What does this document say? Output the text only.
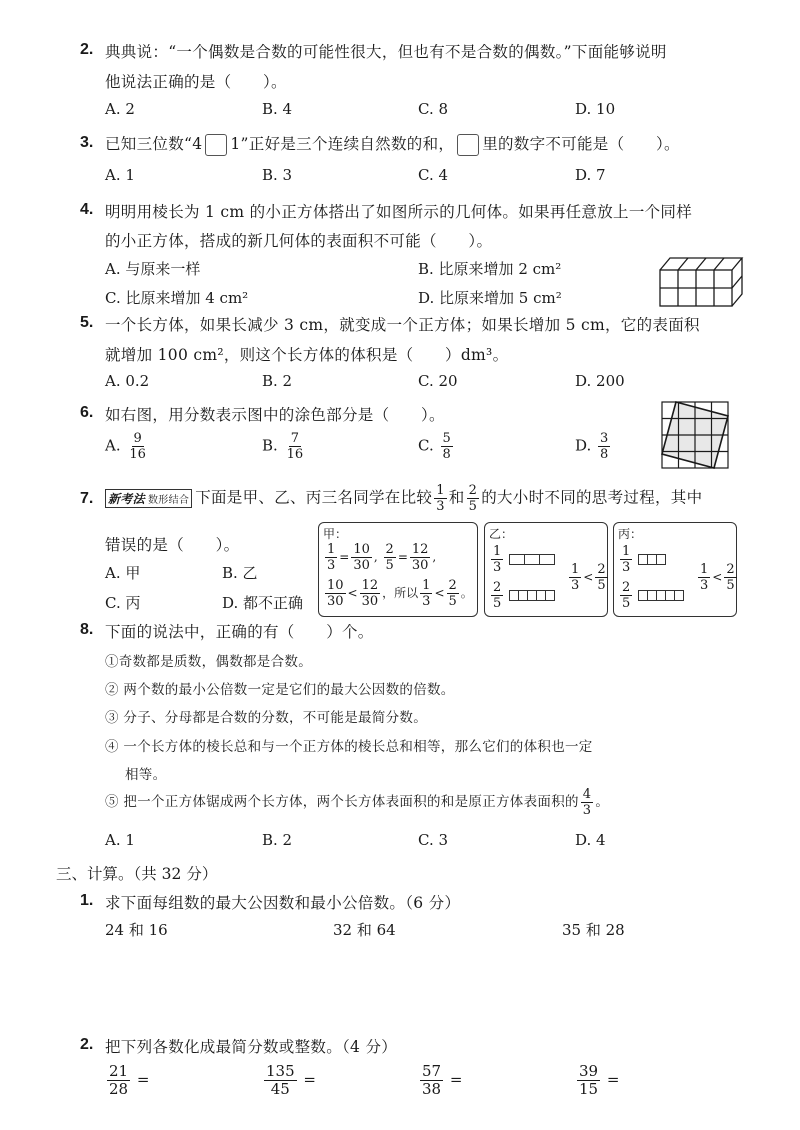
2. 典典说：“一个偶数是合数的可能性很大，但也有不是合数的偶数。”下面能够说明
他说法正确的是（　　）。
A. 2	B. 4	C. 8	D. 10
3. 已知三位数“4 1”正好是三个连续自然数的和， 里的数字不可能是（　　）。
A. 1	B. 3	C. 4	D. 7
4. 明明用棱长为 1 cm 的小正方体搭出了如图所示的几何体。如果再任意放上一个同样
的小正方体，搭成的新几何体的表面积不可能（　　）。
A. 与原来一样	B. 比原来增加 2 cm²
C. 比原来增加 4 cm²	D. 比原来增加 5 cm²
5. 一个长方体，如果长减少 3 cm，就变成一个正方体；如果长增加 5 cm，它的表面积
就增加 100 cm²，则这个长方体的体积是（　　）dm³。
A. 0.2	B. 2	C. 20	D. 200
6. 如右图，用分数表示图中的涂色部分是（　　）。
A. $\frac{9}{16}$	B. $\frac{7}{16}$	C. $\frac{5}{8}$	D. $\frac{3}{8}$
7. 新考法 数形结合 下面是甲、乙、丙三名同学在比较 $\frac{1}{3}$ 和 $\frac{2}{5}$ 的大小时不同的思考过程，其中
错误的是（　　）。
A. 甲	B. 乙
C. 丙	D. 都不正确
甲：
$\frac{1}{3} = \frac{10}{30}$ , $\frac{2}{5} = \frac{12}{30}$ ,
$\frac{10}{30} < \frac{12}{30}$ ，所以 $\frac{1}{3} < \frac{2}{5}$ 。
乙：
$\frac{1}{3}$
$\frac{2}{5}$
$\frac{1}{3} < \frac{2}{5}$
丙：
$\frac{1}{3}$
$\frac{2}{5}$
$\frac{1}{3} < \frac{2}{5}$
8. 下面的说法中，正确的有（　　）个。
①奇数都是质数，偶数都是合数。
② 两个数的最小公倍数一定是它们的最大公因数的倍数。
③ 分子、分母都是合数的分数，不可能是最简分数。
④ 一个长方体的棱长总和与一个正方体的棱长总和相等，那么它们的体积也一定
相等。
⑤ 把一个正方体锯成两个长方体，两个长方体表面积的和是原正方体表面积的 $\frac{4}{3}$ 。
A. 1	B. 2	C. 3	D. 4
三、计算。（共 32 分）
1. 求下面每组数的最大公因数和最小公倍数。（6 分）
24 和 16	32 和 64	35 和 28
2. 把下列各数化成最简分数或整数。（4 分）
$\frac{21}{28}$ =	$\frac{135}{45}$ =	$\frac{57}{38}$ =	$\frac{39}{15}$ =
